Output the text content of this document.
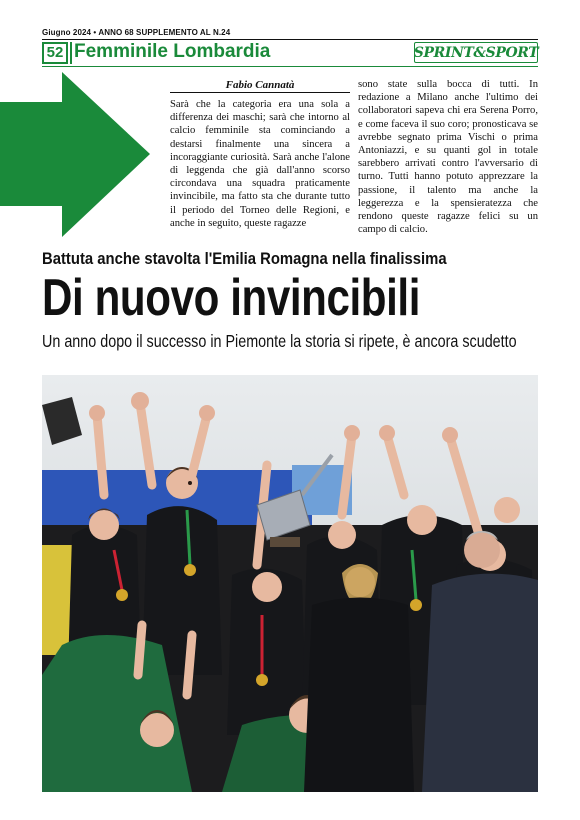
Giugno 2024 • ANNO 68 SUPPLEMENTO AL N.24
52 Femminile Lombardia	SPRINT&SPORT
Fabio Cannatà
Sarà che la categoria era una sola a differenza dei maschi; sarà che intorno al calcio femminile sta cominciando a destarsi finalmente una sincera a incoraggiante curiosità. Sarà anche l'alone di leggenda che già dall'anno scorso circondava una squadra praticamente invincibile, ma fatto sta che durante tutto il periodo del Torneo delle Regioni, e anche in seguito, queste ragazze
sono state sulla bocca di tutti. In redazione a Milano anche l'ultimo dei collaboratori sapeva chi era Serena Porro, e come faceva il suo coro; pronosticava se avrebbe segnato prima Vischi o prima Antoniazzi, e su quanti gol in totale sarebbero arrivati contro l'avversario di turno. Tutti hanno potuto apprezzare la passione, il talento ma anche la leggerezza e la spensieratezza che rendono queste ragazze felici su un campo di calcio.
Battuta anche stavolta l'Emilia Romagna nella finalissima
Di nuovo invincibili
Un anno dopo il successo in Piemonte la storia si ripete, è ancora scudetto
